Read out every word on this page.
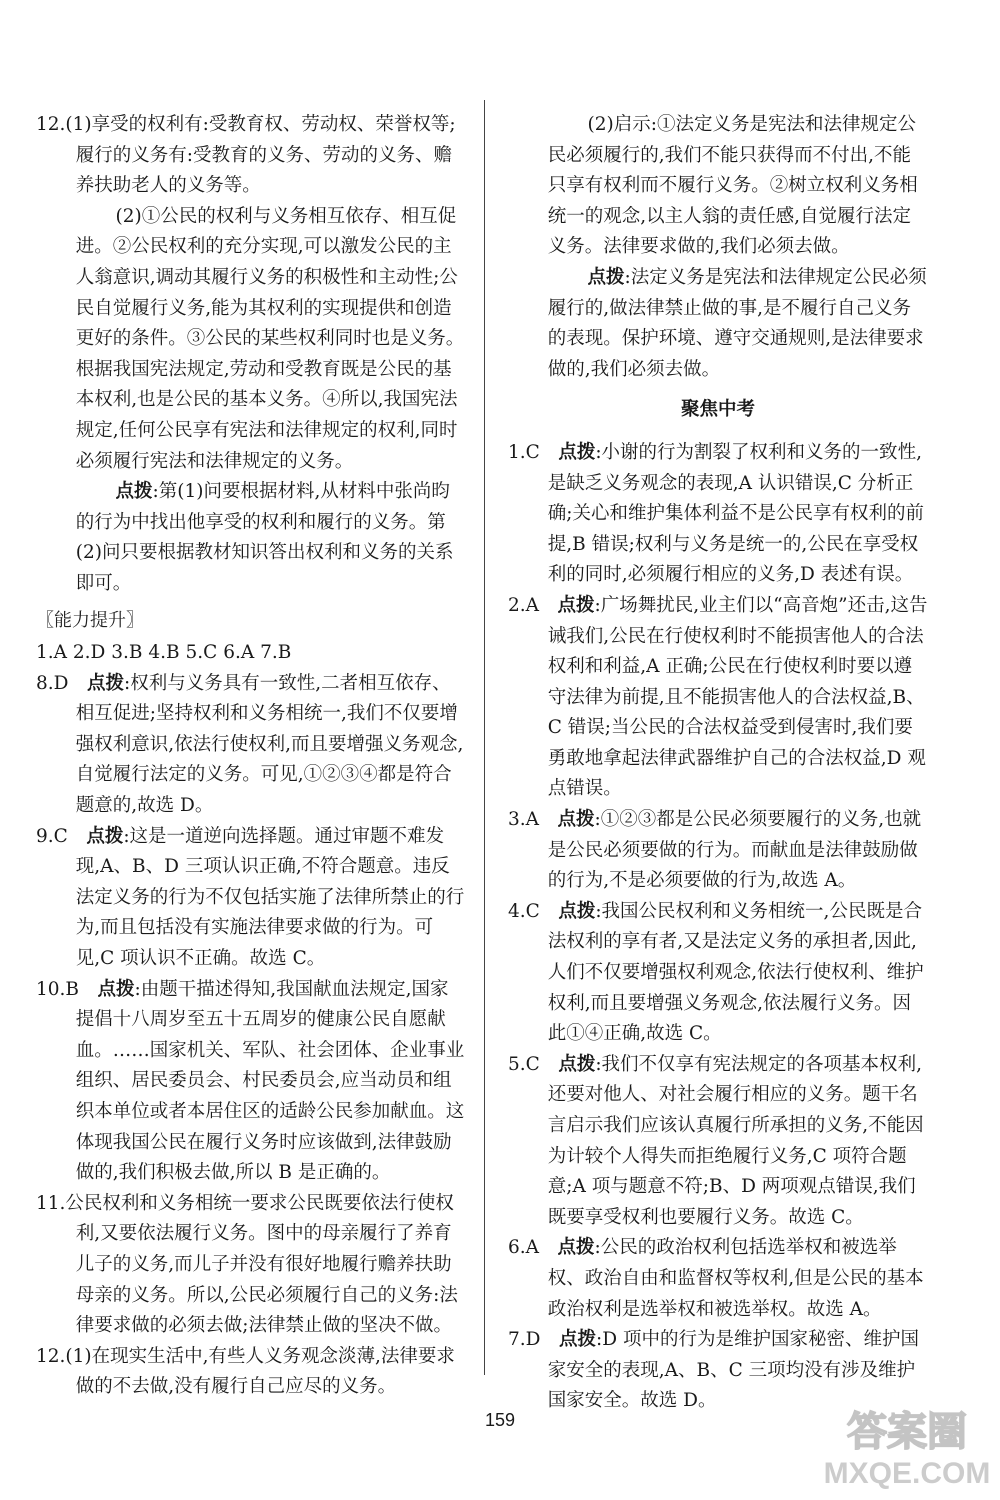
12.(1)享受的权利有:受教育权、劳动权、荣誉权等;履行的义务有:受教育的义务、劳动的义务、赡养扶助老人的义务等。

(2)①公民的权利与义务相互依存、相互促进。②公民权利的充分实现,可以激发公民的主人翁意识,调动其履行义务的积极性和主动性;公民自觉履行义务,能为其权利的实现提供和创造更好的条件。③公民的某些权利同时也是义务。根据我国宪法规定,劳动和受教育既是公民的基本权利,也是公民的基本义务。④所以,我国宪法规定,任何公民享有宪法和法律规定的权利,同时必须履行宪法和法律规定的义务。

点拨:第(1)问要根据材料,从材料中张尚昀的行为中找出他享受的权利和履行的义务。第(2)问只要根据教材知识答出权利和义务的关系即可。

〖能力提升〗

1.A 2.D 3.B 4.B 5.C 6.A 7.B

8.D  点拨:权利与义务具有一致性,二者相互依存、相互促进;坚持权利和义务相统一,我们不仅要增强权利意识,依法行使权利,而且要增强义务观念,自觉履行法定的义务。可见,①②③④都是符合题意的,故选 D。

9.C  点拨:这是一道逆向选择题。通过审题不难发现,A、B、D 三项认识正确,不符合题意。违反法定义务的行为不仅包括实施了法律所禁止的行为,而且包括没有实施法律要求做的行为。可见,C 项认识不正确。故选 C。

10.B  点拨:由题干描述得知,我国献血法规定,国家提倡十八周岁至五十五周岁的健康公民自愿献血。……国家机关、军队、社会团体、企业事业组织、居民委员会、村民委员会,应当动员和组织本单位或者本居住区的适龄公民参加献血。这体现我国公民在履行义务时应该做到,法律鼓励做的,我们积极去做,所以 B 是正确的。

11.公民权利和义务相统一要求公民既要依法行使权利,又要依法履行义务。图中的母亲履行了养育儿子的义务,而儿子并没有很好地履行赡养扶助母亲的义务。所以,公民必须履行自己的义务:法律要求做的必须去做;法律禁止做的坚决不做。

12.(1)在现实生活中,有些人义务观念淡薄,法律要求做的不去做,没有履行自己应尽的义务。

(2)启示:①法定义务是宪法和法律规定公民必须履行的,我们不能只获得而不付出,不能只享有权利而不履行义务。②树立权利义务相统一的观念,以主人翁的责任感,自觉履行法定义务。法律要求做的,我们必须去做。

点拨:法定义务是宪法和法律规定公民必须履行的,做法律禁止做的事,是不履行自己义务的表现。保护环境、遵守交通规则,是法律要求做的,我们必须去做。

聚焦中考

1.C  点拨:小谢的行为割裂了权利和义务的一致性,是缺乏义务观念的表现,A 认识错误,C 分析正确;关心和维护集体利益不是公民享有权利的前提,B 错误;权利与义务是统一的,公民在享受权利的同时,必须履行相应的义务,D 表述有误。

2.A  点拨:广场舞扰民,业主们以“高音炮”还击,这告诫我们,公民在行使权利时不能损害他人的合法权利和利益,A 正确;公民在行使权利时要以遵守法律为前提,且不能损害他人的合法权益,B、C 错误;当公民的合法权益受到侵害时,我们要勇敢地拿起法律武器维护自己的合法权益,D 观点错误。

3.A  点拨:①②③都是公民必须要履行的义务,也就是公民必须要做的行为。而献血是法律鼓励做的行为,不是必须要做的行为,故选 A。

4.C  点拨:我国公民权利和义务相统一,公民既是合法权利的享有者,又是法定义务的承担者,因此,人们不仅要增强权利观念,依法行使权利、维护权利,而且要增强义务观念,依法履行义务。因此①④正确,故选 C。

5.C  点拨:我们不仅享有宪法规定的各项基本权利,还要对他人、对社会履行相应的义务。题干名言启示我们应该认真履行所承担的义务,不能因为计较个人得失而拒绝履行义务,C 项符合题意;A 项与题意不符;B、D 两项观点错误,我们既要享受权利也要履行义务。故选 C。

6.A  点拨:公民的政治权利包括选举权和被选举权、政治自由和监督权等权利,但是公民的基本政治权利是选举权和被选举权。故选 A。

7.D  点拨:D 项中的行为是维护国家秘密、维护国家安全的表现,A、B、C 三项均没有涉及维护国家安全。故选 D。

159	答案圈
MXQE.COM
